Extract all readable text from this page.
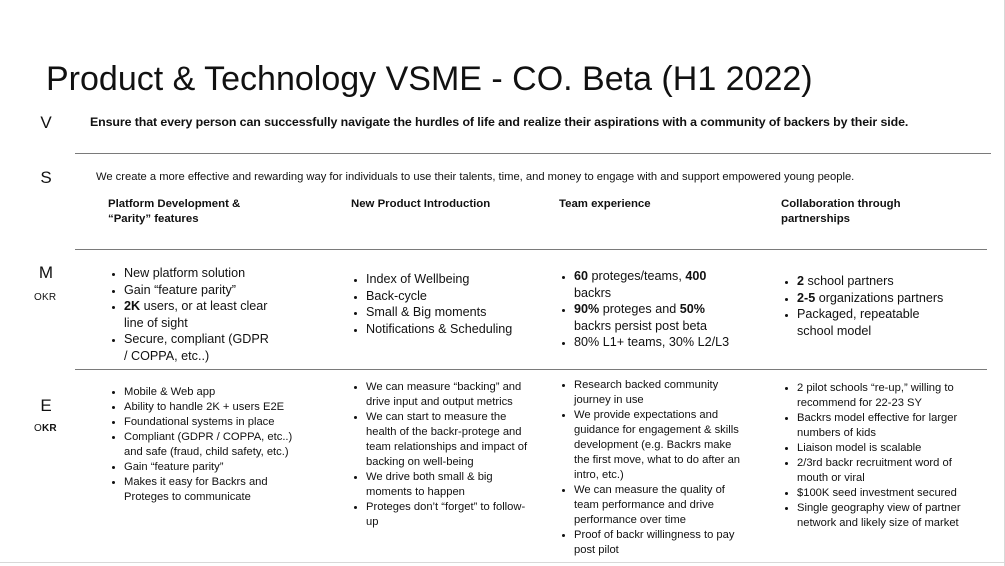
Product & Technology VSME - CO. Beta (H1 2022)
V
S
M
OKR
E
OKR
Ensure that every person can successfully navigate the hurdles of life and realize their aspirations with a community of backers by their side.
We create a more effective and rewarding way for individuals to use their talents, time, and money to engage with and support empowered young people.
Platform Development &
“Parity” features
New Product Introduction	Team experience	Collaboration through
partnerships
• New platform solution
• Gain “feature parity”
• 2K users, or at least clear line of sight
• Secure, compliant (GDPR / COPPA, etc..)
• Index of Wellbeing
• Back-cycle
• Small & Big moments
• Notifications & Scheduling
• 60 proteges/teams, 400 backrs
• 90% proteges and 50% backrs persist post beta
• 80% L1+ teams, 30% L2/L3
• 2 school partners
• 2-5 organizations partners
• Packaged, repeatable school model
• Mobile & Web app
• Ability to handle 2K + users E2E
• Foundational systems in place
• Compliant (GDPR / COPPA, etc..) and safe (fraud, child safety, etc.)
• Gain “feature parity”
• Makes it easy for Backrs and Proteges to communicate
• We can measure “backing” and drive input and output metrics
• We can start to measure the health of the backr-protege and team relationships and impact of backing on well-being
• We drive both small & big moments to happen
• Proteges don’t “forget” to follow-up
• Research backed community journey in use
• We provide expectations and guidance for engagement & skills development (e.g. Backrs make the first move, what to do after an intro, etc.)
• We can measure the quality of team performance and drive performance over time
• Proof of backr willingness to pay post pilot
• 2 pilot schools “re-up,” willing to recommend for 22-23 SY
• Backrs model effective for larger numbers of kids
• Liaison model is scalable
• 2/3rd backr recruitment word of mouth or viral
• $100K seed investment secured
• Single geography view of partner network and likely size of market
